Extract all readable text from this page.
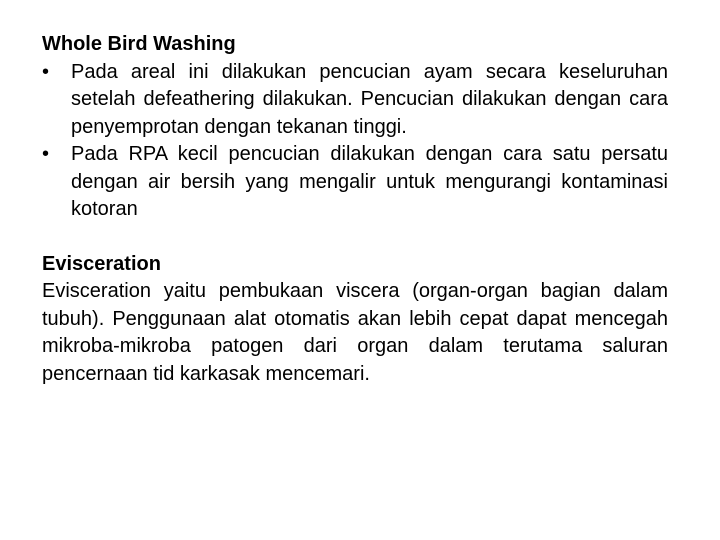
Whole Bird Washing

•	Pada areal ini dilakukan pencucian ayam secara keseluruhan setelah defeathering dilakukan. Pencucian dilakukan dengan cara penyemprotan dengan tekanan tinggi.
•	Pada RPA kecil pencucian dilakukan dengan cara satu persatu dengan air bersih yang mengalir untuk mengurangi kontaminasi kotoran

Evisceration

Evisceration yaitu pembukaan viscera (organ-organ bagian dalam tubuh). Penggunaan alat otomatis akan lebih cepat dapat mencegah mikroba-mikroba patogen dari organ dalam terutama saluran pencernaan tid karkasak mencemari.
